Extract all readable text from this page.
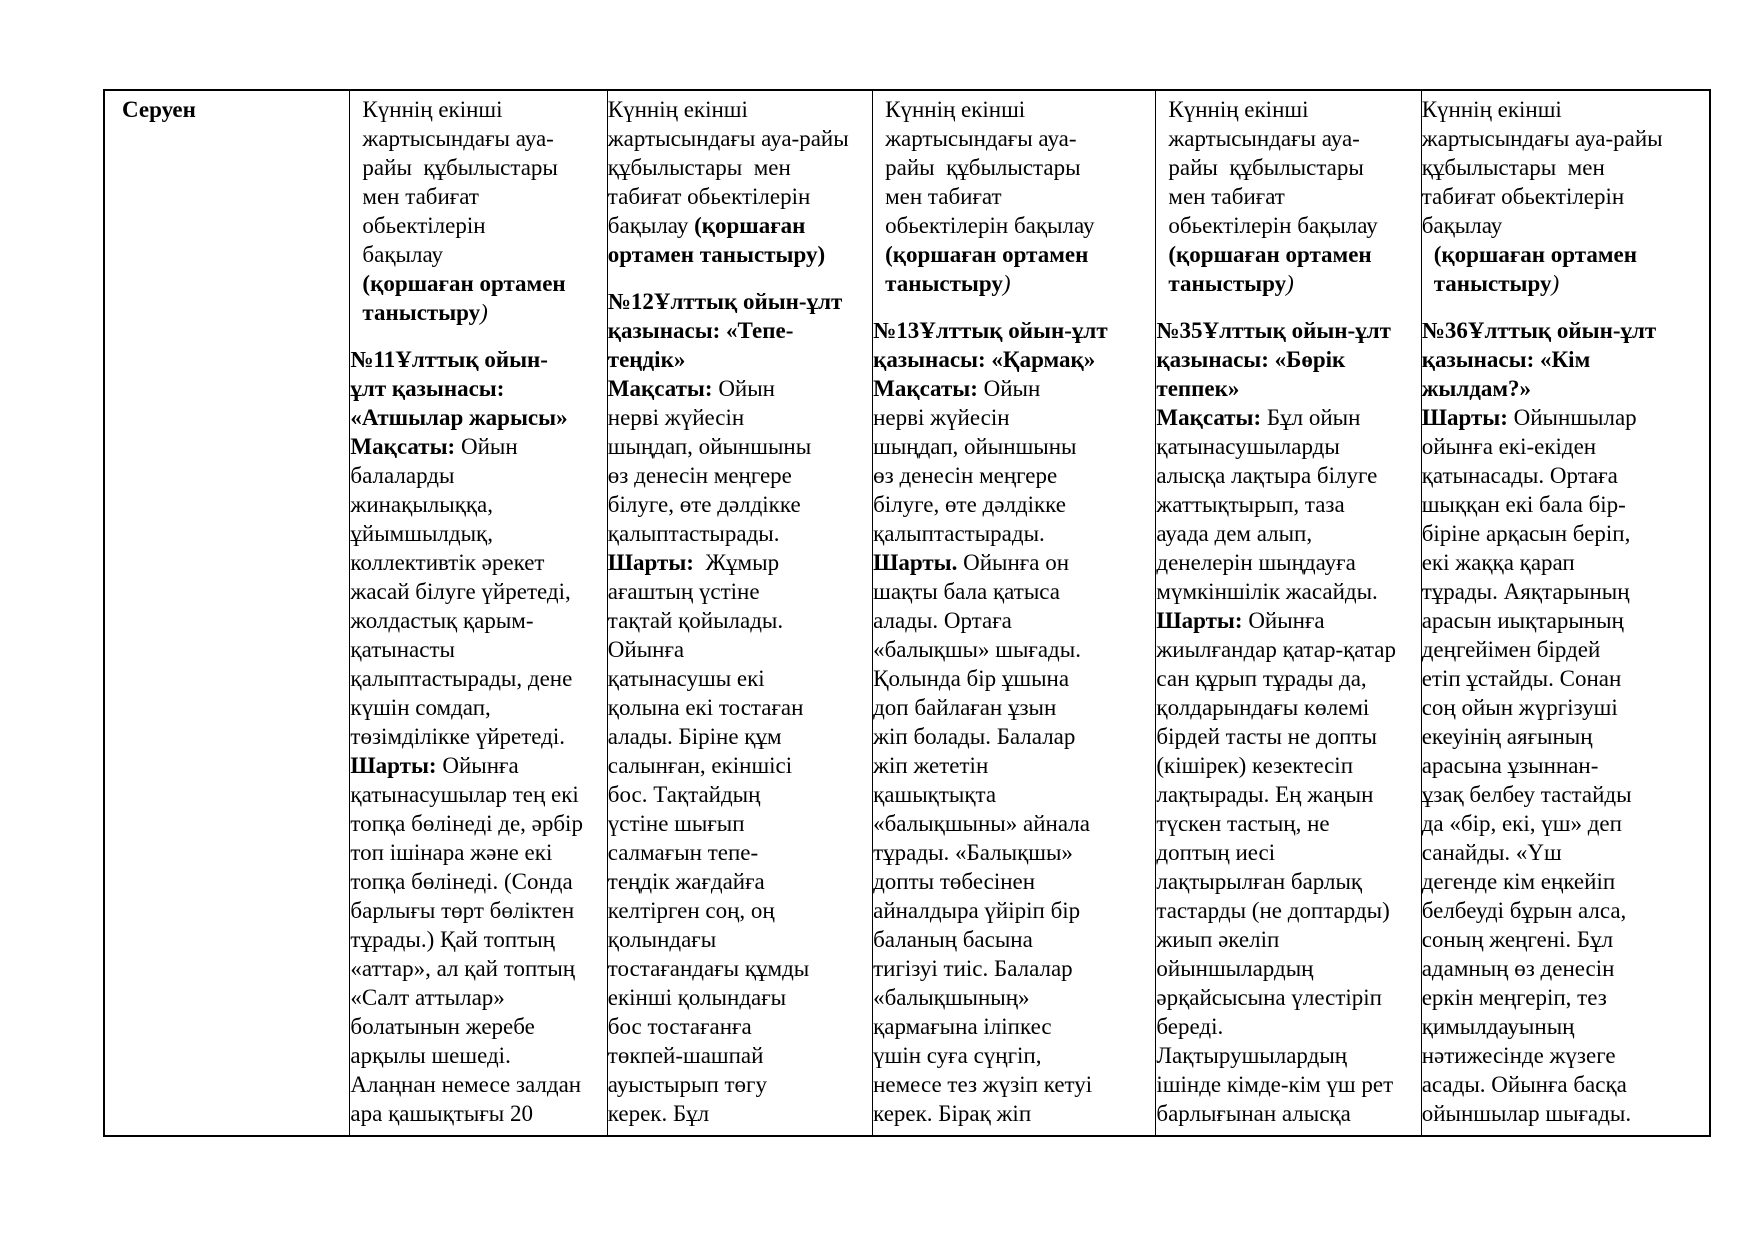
Серуен	Күннің екінші
жартысындағы ауа-
райы  құбылыстары
мен табиғат
обьектілерін
бақылау
(қоршаған ортамен
таныстыру)
№11Ұлттық ойын-
ұлт қазынасы:
«Атшылар жарысы»
Мақсаты: Ойын
балаларды
жинақылыққа,
ұйымшылдық,
коллективтік әрекет
жасай білуге үйретеді,
жолдастық қарым-
қатынасты
қалыптастырады, дене
күшін сомдап,
төзімділікке үйретеді.
Шарты: Ойынға
қатынасушылар тең екі
топқа бөлінеді де, әрбір
топ ішінара және екі
топқа бөлінеді. (Сонда
барлығы төрт бөліктен
тұрады.) Қай топтың
«аттар», ал қай топтың
«Салт аттылар»
болатынын жеребе
арқылы шешеді.
Алаңнан немесе залдан
ара қашықтығы 20
Күннің екінші
жартысындағы ауа-райы
құбылыстары  мен
табиғат обьектілерін
бақылау (қоршаған
ортамен таныстыру)
№12Ұлттық ойын-ұлт
қазынасы: «Тепе-
теңдік»
Мақсаты: Ойын
нерві жүйесін
шыңдап, ойыншыны
өз денесін меңгере
білуге, өте дәлдікке
қалыптастырады.
Шарты:  Жұмыр
ағаштың үстіне
тақтай қойылады.
Ойынға
қатынасушы екі
қолына екі тостаған
алады. Біріне құм
салынған, екіншісі
бос. Тақтайдың
үстіне шығып
салмағын тепе-
теңдік жағдайға
келтірген соң, оң
қолындағы
тостағандағы құмды
екінші қолындағы
бос тостағанға
төкпей-шашпай
ауыстырып төгу
керек. Бұл
Күннің екінші
жартысындағы ауа-
райы  құбылыстары
мен табиғат
обьектілерін бақылау
(қоршаған ортамен
таныстыру)
№13Ұлттық ойын-ұлт
қазынасы: «Қармақ»
Мақсаты: Ойын
нерві жүйесін
шыңдап, ойыншыны
өз денесін меңгере
білуге, өте дәлдікке
қалыптастырады.
Шарты. Ойынға он
шақты бала қатыса
алады. Ортаға
«балықшы» шығады.
Қолында бір ұшына
доп байлаған ұзын
жіп болады. Балалар
жіп жететін
қашықтықта
«балықшыны» айнала
тұрады. «Балықшы»
допты төбесінен
айналдыра үйіріп бір
баланың басына
тигізуі тиіс. Балалар
«балықшының»
қармағына іліпкес
үшін суға сүңгіп,
немесе тез жүзіп кетуі
керек. Бірақ жіп
Күннің екінші
жартысындағы ауа-
райы  құбылыстары
мен табиғат
обьектілерін бақылау
(қоршаған ортамен
таныстыру)
№35Ұлттық ойын-ұлт
қазынасы: «Бөрік
теппек»
Мақсаты: Бұл ойын
қатынасушыларды
алысқа лақтыра білуге
жаттықтырып, таза
ауада дем алып,
денелерін шыңдауға
мүмкіншілік жасайды.
Шарты: Ойынға
жиылғандар қатар-қатар
сан құрып тұрады да,
қолдарындағы көлемі
бірдей тасты не допты
(кішірек) кезектесіп
лақтырады. Ең жаңын
түскен тастың, не
доптың иесі
лақтырылған барлық
тастарды (не доптарды)
жиып әкеліп
ойыншылардың
әрқайсысына үлестіріп
береді.
Лақтырушылардың
ішінде кімде-кім үш рет
барлығынан алысқа
Күннің екінші
жартысындағы ауа-райы
құбылыстары  мен
табиғат обьектілерін
бақылау
(қоршаған ортамен
таныстыру)
№36Ұлттық ойын-ұлт
қазынасы: «Кім
жылдам?»
Шарты: Ойыншылар
ойынға екі-екіден
қатынасады. Ортаға
шыққан екі бала бір-
біріне арқасын беріп,
екі жаққа қарап
тұрады. Аяқтарының
арасын иықтарының
деңгейімен бірдей
етіп ұстайды. Сонан
соң ойын жүргізуші
екеуінің аяғының
арасына ұзыннан-
ұзақ белбеу тастайды
да «бір, екі, үш» деп
санайды. «Үш
дегенде кім еңкейіп
белбеуді бұрын алса,
соның жеңгені. Бұл
адамның өз денесін
еркін меңгеріп, тез
қимылдауының
нәтижесінде жүзеге
асады. Ойынға басқа
ойыншылар шығады.
